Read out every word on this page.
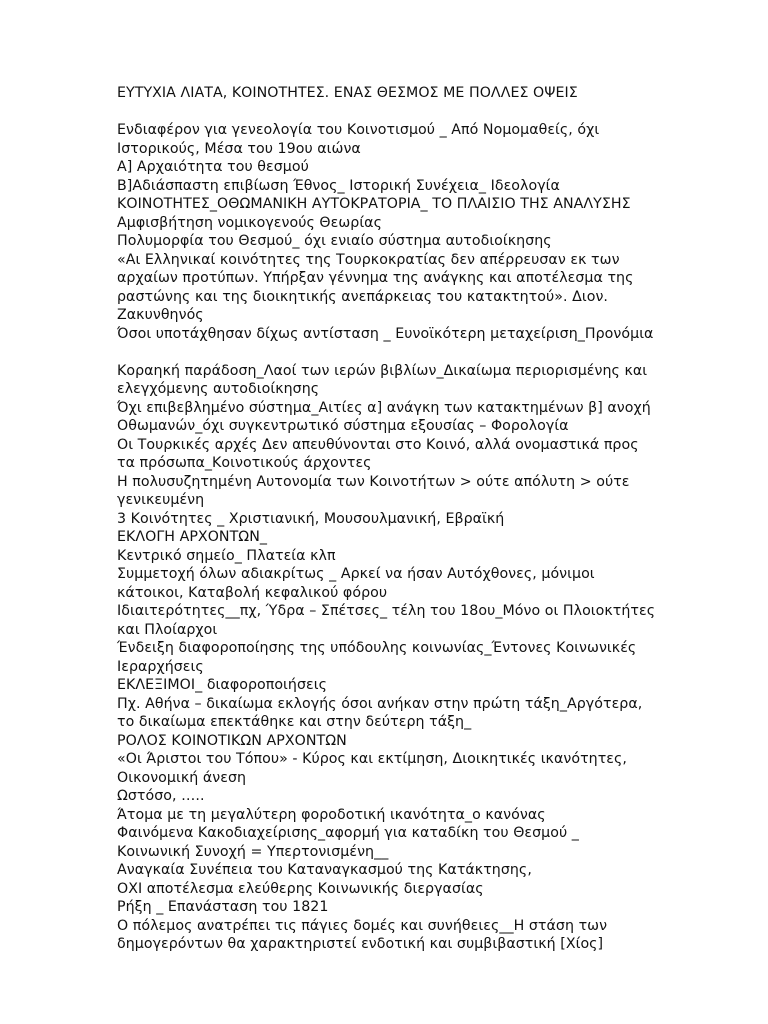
ΕΥΤΥΧΙΑ ΛΙΑΤΑ, ΚΟΙΝΟΤΗΤΕΣ. ΕΝΑΣ ΘΕΣΜΟΣ ΜΕ ΠΟΛΛΕΣ ΟΨΕΙΣ
Ενδιαφέρον για γενεολογία του Κοινοτισμού _ Από Νομομαθείς, όχι
Ιστορικούς, Μέσα του 19ου αιώνα
Α] Αρχαιότητα του θεσμού
Β]Αδιάσπαστη επιβίωση Έθνος_ Ιστορική Συνέχεια_ Ιδεολογία
ΚΟΙΝΟΤΗΤΕΣ_ΟΘΩΜΑΝΙΚΗ ΑΥΤΟΚΡΑΤΟΡΙΑ_ ΤΟ ΠΛΑΙΣΙΟ ΤΗΣ ΑΝΑΛΥΣΗΣ
Αμφισβήτηση νομικογενούς Θεωρίας
Πολυμορφία του Θεσμού_ όχι ενιαίο σύστημα αυτοδιοίκησης
«Αι Ελληνικαί κοινότητες της Τουρκοκρατίας δεν απέρρευσαν εκ των
αρχαίων προτύπων. Υπήρξαν γέννημα της ανάγκης και αποτέλεσμα της
ραστώνης και της διοικητικής ανεπάρκειας του κατακτητού». Διον.
Ζακυνθηνός
Όσοι υποτάχθησαν δίχως αντίσταση _ Ευνοϊκότερη μεταχείριση_Προνόμια
Κοραηκή παράδοση_Λαοί των ιερών βιβλίων_Δικαίωμα περιορισμένης και
ελεγχόμενης αυτοδιοίκησης
Όχι επιβεβλημένο σύστημα_Αιτίες α] ανάγκη των κατακτημένων β] ανοχή
Οθωμανών_όχι συγκεντρωτικό σύστημα εξουσίας – Φορολογία
Οι Τουρκικές αρχές Δεν απευθύνονται στο Κοινό, αλλά ονομαστικά προς
τα πρόσωπα_Κοινοτικούς άρχοντες
Η πολυσυζητημένη Αυτονομία των Κοινοτήτων > ούτε απόλυτη > ούτε
γενικευμένη
3 Κοινότητες _ Χριστιανική, Μουσουλμανική, Εβραϊκή
ΕΚΛΟΓΗ ΑΡΧΟΝΤΩΝ_
Κεντρικό σημείο_ Πλατεία κλπ
Συμμετοχή όλων αδιακρίτως _ Αρκεί να ήσαν Αυτόχθονες, μόνιμοι
κάτοικοι, Καταβολή κεφαλικού φόρου
Ιδιαιτερότητες__πχ, Ύδρα – Σπέτσες_ τέλη του 18ου_Μόνο οι Πλοιοκτήτες
και Πλοίαρχοι
Ένδειξη διαφοροποίησης της υπόδουλης κοινωνίας_Έντονες Κοινωνικές
Ιεραρχήσεις
ΕΚΛΕΞΙΜΟΙ_ διαφοροποιήσεις
Πχ. Αθήνα – δικαίωμα εκλογής όσοι ανήκαν στην πρώτη τάξη_Αργότερα,
το δικαίωμα επεκτάθηκε και στην δεύτερη τάξη_
ΡΟΛΟΣ ΚΟΙΝΟΤΙΚΩΝ ΑΡΧΟΝΤΩΝ
«Οι Άριστοι του Τόπου» - Κύρος και εκτίμηση, Διοικητικές ικανότητες,
Οικονομική άνεση
Ωστόσο, …..
Άτομα με τη μεγαλύτερη φοροδοτική ικανότητα_ο κανόνας
Φαινόμενα Κακοδιαχείρισης_αφορμή για καταδίκη του Θεσμού _
Κοινωνική Συνοχή = Υπερτονισμένη__
Αναγκαία Συνέπεια του Καταναγκασμού της Κατάκτησης,
ΟΧΙ αποτέλεσμα ελεύθερης Κοινωνικής διεργασίας
Ρήξη _ Επανάσταση του 1821
Ο πόλεμος ανατρέπει τις πάγιες δομές και συνήθειες__Η στάση των
δημογερόντων θα χαρακτηριστεί ενδοτική και συμβιβαστική [Χίος]
